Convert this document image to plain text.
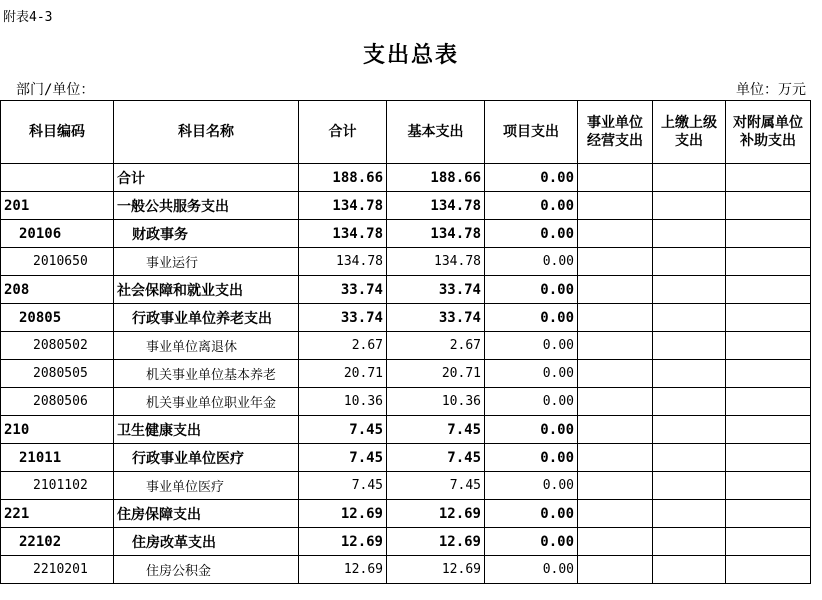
附表4-3
支出总表
部门/单位：	单位：万元
科目编码	科目名称	合计	基本支出	项目支出	事业单位经营支出	上缴上级支出	对附属单位补助支出
	合计	188.66	188.66	0.00			
201	一般公共服务支出	134.78	134.78	0.00			
20106	财政事务	134.78	134.78	0.00			
2010650	事业运行	134.78	134.78	0.00			
208	社会保障和就业支出	33.74	33.74	0.00			
20805	行政事业单位养老支出	33.74	33.74	0.00			
2080502	事业单位离退休	2.67	2.67	0.00			
2080505	机关事业单位基本养老	20.71	20.71	0.00			
2080506	机关事业单位职业年金	10.36	10.36	0.00			
210	卫生健康支出	7.45	7.45	0.00			
21011	行政事业单位医疗	7.45	7.45	0.00			
2101102	事业单位医疗	7.45	7.45	0.00			
221	住房保障支出	12.69	12.69	0.00			
22102	住房改革支出	12.69	12.69	0.00			
2210201	住房公积金	12.69	12.69	0.00			
